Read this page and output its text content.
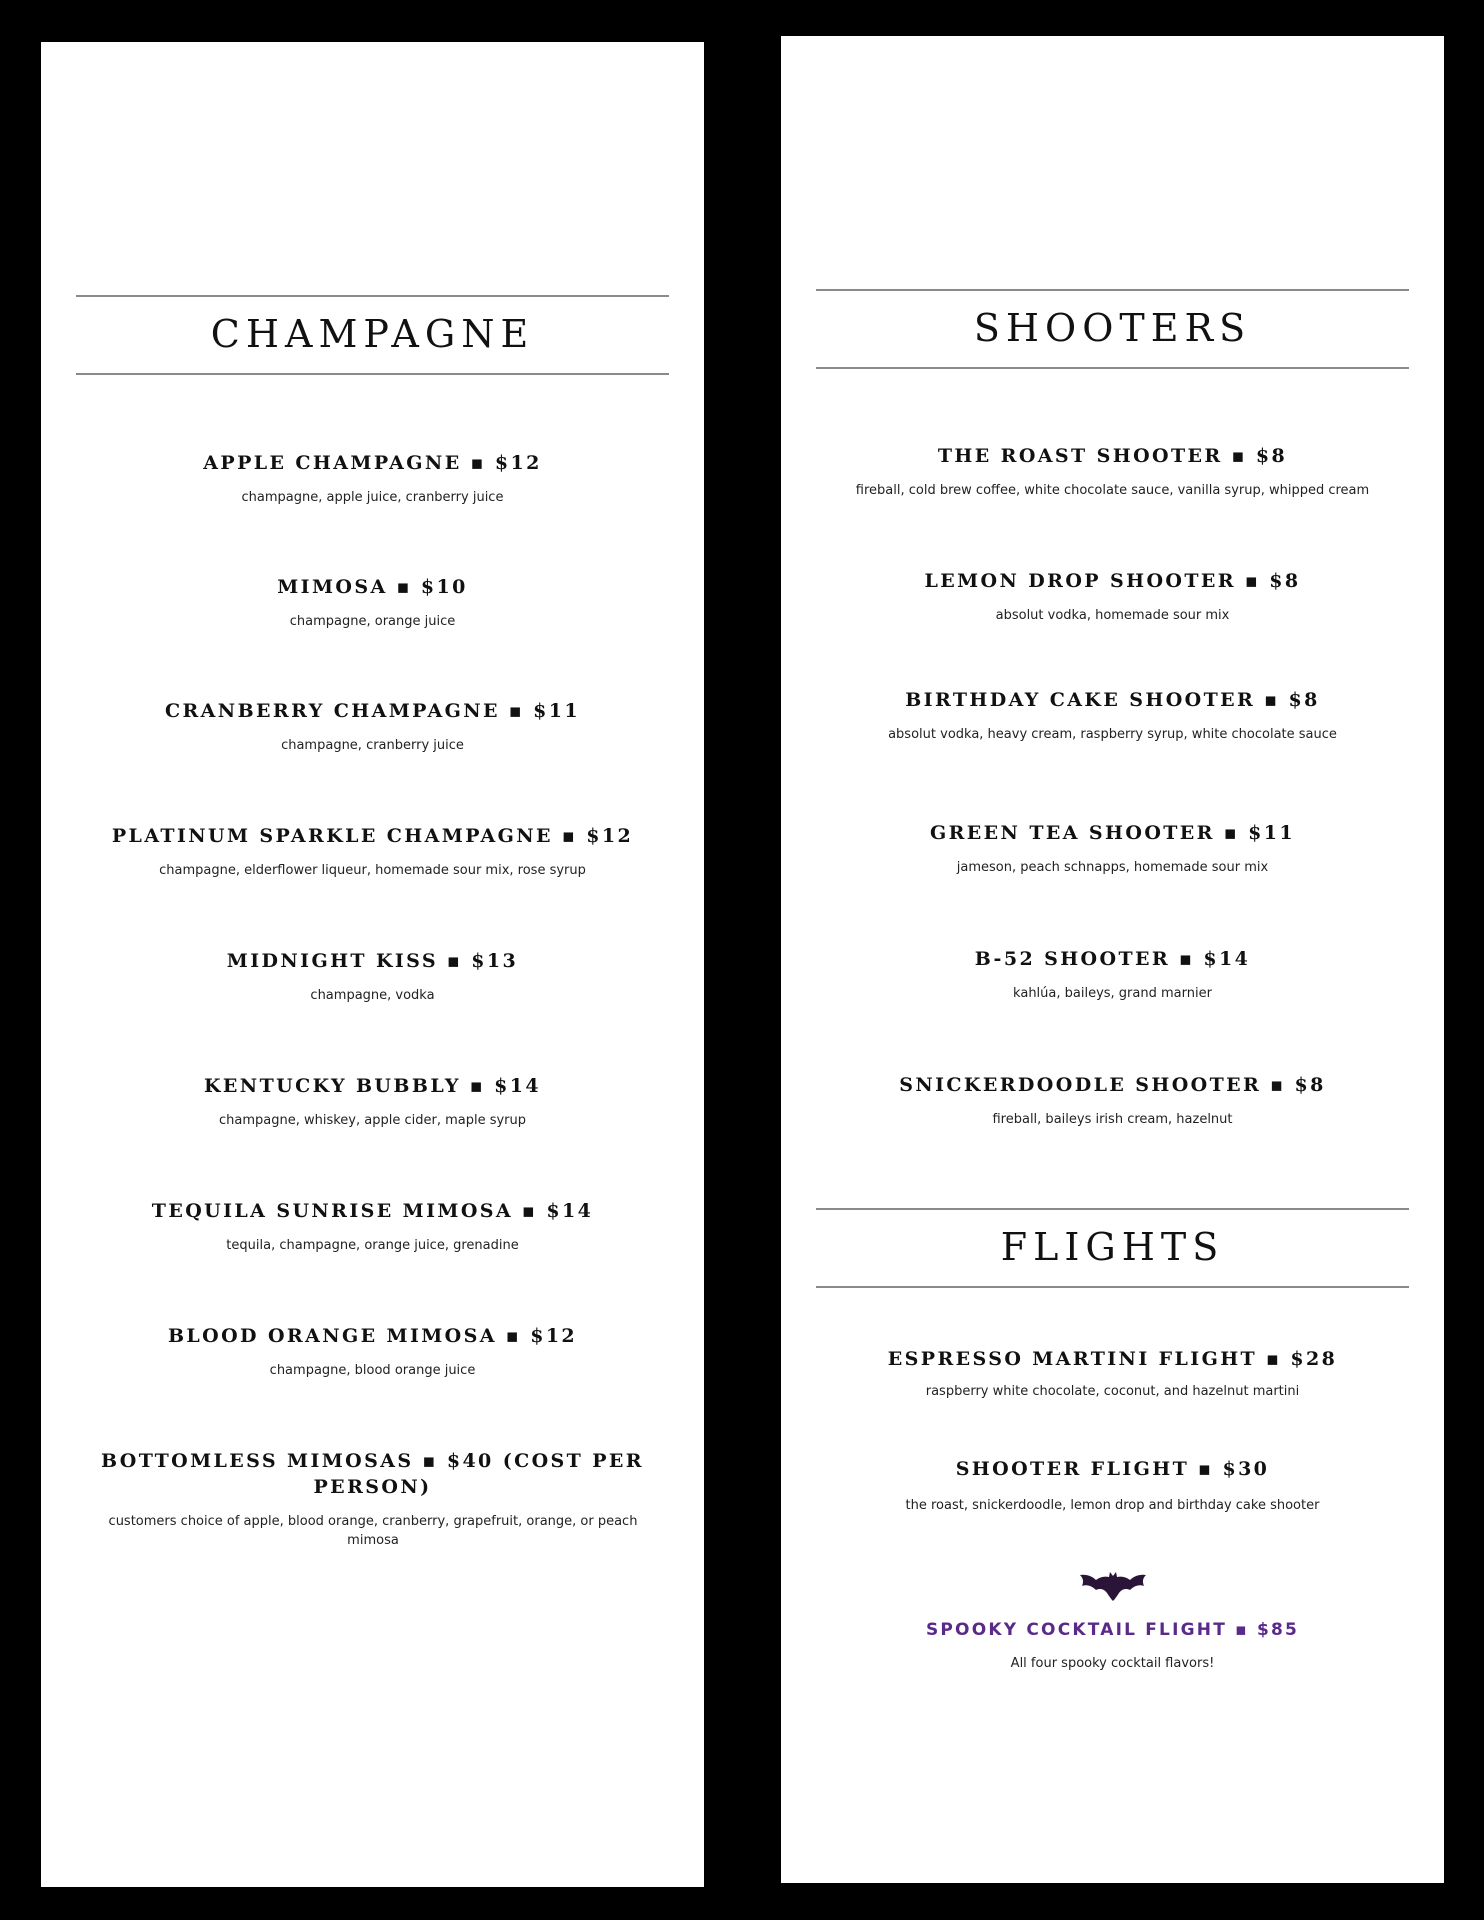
CHAMPAGNE
APPLE CHAMPAGNE ▪ $12
champagne, apple juice, cranberry juice
MIMOSA ▪ $10
champagne, orange juice
CRANBERRY CHAMPAGNE ▪ $11
champagne, cranberry juice
PLATINUM SPARKLE CHAMPAGNE ▪ $12
champagne, elderflower liqueur, homemade sour mix, rose syrup
MIDNIGHT KISS ▪ $13
champagne, vodka
KENTUCKY BUBBLY ▪ $14
champagne, whiskey, apple cider, maple syrup
TEQUILA SUNRISE MIMOSA ▪ $14
tequila, champagne, orange juice, grenadine
BLOOD ORANGE MIMOSA ▪ $12
champagne, blood orange juice
BOTTOMLESS MIMOSAS ▪ $40 (COST PER PERSON)
customers choice of apple, blood orange, cranberry, grapefruit, orange, or peach mimosa
SHOOTERS
THE ROAST SHOOTER ▪ $8
fireball, cold brew coffee, white chocolate sauce, vanilla syrup, whipped cream
LEMON DROP SHOOTER ▪ $8
absolut vodka, homemade sour mix
BIRTHDAY CAKE SHOOTER ▪ $8
absolut vodka, heavy cream, raspberry syrup, white chocolate sauce
GREEN TEA SHOOTER ▪ $11
jameson, peach schnapps, homemade sour mix
B-52 SHOOTER ▪ $14
kahlúa, baileys, grand marnier
SNICKERDOODLE SHOOTER ▪ $8
fireball, baileys irish cream, hazelnut
FLIGHTS
ESPRESSO MARTINI FLIGHT ▪ $28
raspberry white chocolate, coconut, and hazelnut martini
SHOOTER FLIGHT ▪ $30
the roast, snickerdoodle, lemon drop and birthday cake shooter
SPOOKY COCKTAIL FLIGHT ▪ $85
All four spooky cocktail flavors!
